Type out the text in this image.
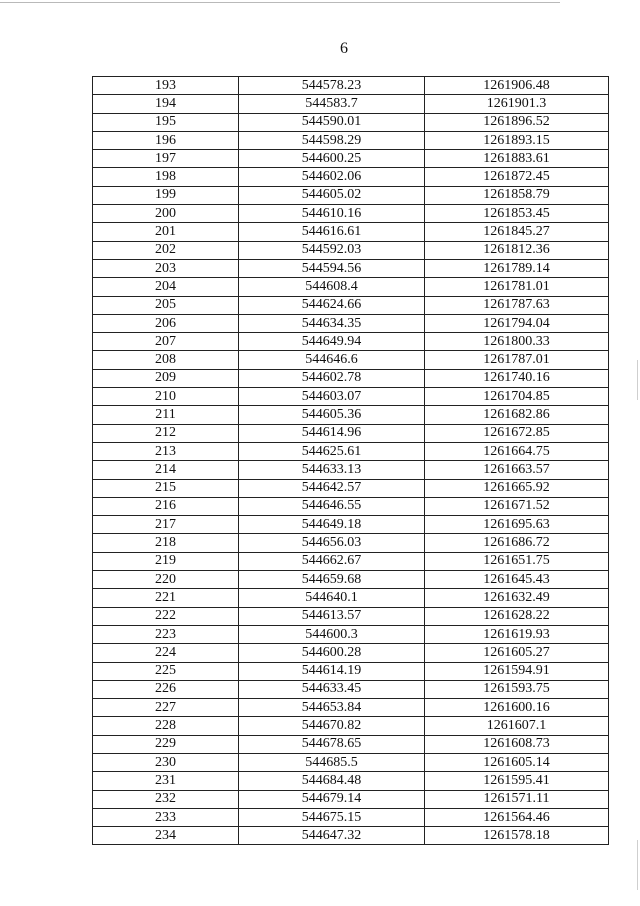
6
193	544578.23	1261906.48
194	544583.7	1261901.3
195	544590.01	1261896.52
196	544598.29	1261893.15
197	544600.25	1261883.61
198	544602.06	1261872.45
199	544605.02	1261858.79
200	544610.16	1261853.45
201	544616.61	1261845.27
202	544592.03	1261812.36
203	544594.56	1261789.14
204	544608.4	1261781.01
205	544624.66	1261787.63
206	544634.35	1261794.04
207	544649.94	1261800.33
208	544646.6	1261787.01
209	544602.78	1261740.16
210	544603.07	1261704.85
211	544605.36	1261682.86
212	544614.96	1261672.85
213	544625.61	1261664.75
214	544633.13	1261663.57
215	544642.57	1261665.92
216	544646.55	1261671.52
217	544649.18	1261695.63
218	544656.03	1261686.72
219	544662.67	1261651.75
220	544659.68	1261645.43
221	544640.1	1261632.49
222	544613.57	1261628.22
223	544600.3	1261619.93
224	544600.28	1261605.27
225	544614.19	1261594.91
226	544633.45	1261593.75
227	544653.84	1261600.16
228	544670.82	1261607.1
229	544678.65	1261608.73
230	544685.5	1261605.14
231	544684.48	1261595.41
232	544679.14	1261571.11
233	544675.15	1261564.46
234	544647.32	1261578.18
